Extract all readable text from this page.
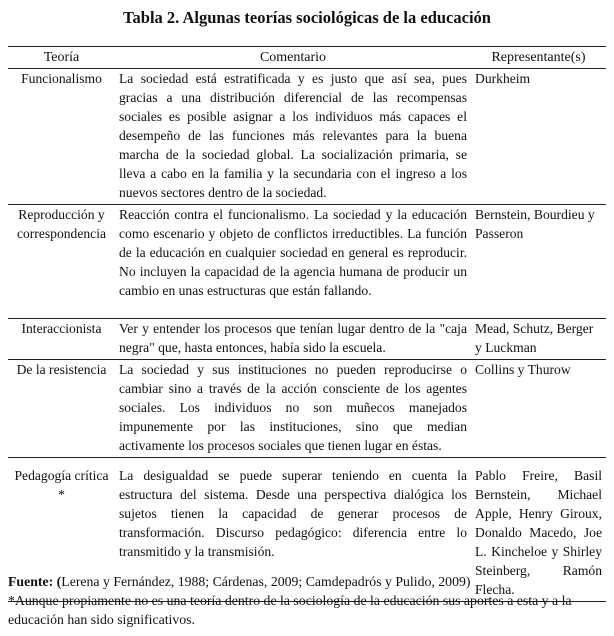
Tabla 2. Algunas teorías sociológicas de la educación
Teoría	Comentario	Representante(s)
Funcionalismo	La sociedad está estratificada y es justo que así sea, pues gracias a una distribución diferencial de las recompensas sociales es posible asignar a los individuos más capaces el desempeño de las funciones más relevantes para la buena marcha de la sociedad global. La socialización primaria, se lleva a cabo en la familia y la secundaria con el ingreso a los nuevos sectores dentro de la sociedad.	Durkheim
Reproducción y correspondencia	Reacción contra el funcionalismo. La sociedad y la educación como escenario y objeto de conflictos irreductibles. La función de la educación en cualquier sociedad en general es reproducir. No incluyen la capacidad de la agencia humana de producir un cambio en unas estructuras que están fallando.	Bernstein, Bourdieu y Passeron
Interaccionista	Ver y entender los procesos que tenían lugar dentro de la "caja negra" que, hasta entonces, había sido la escuela.	Mead, Schutz, Berger y Luckman
De la resistencia	La sociedad y sus instituciones no pueden reproducirse o cambiar sino a través de la acción consciente de los agentes sociales. Los individuos no son muñecos manejados impunemente por las instituciones, sino que median activamente los procesos sociales que tienen lugar en éstas.	Collins y Thurow
Pedagogía crítica *	La desigualdad se puede superar teniendo en cuenta la estructura del sistema. Desde una perspectiva dialógica los sujetos tienen la capacidad de generar procesos de transformación. Discurso pedagógico: diferencia entre lo transmitido y la transmisión.	Pablo Freire, Basil Bernstein, Michael Apple, Henry Giroux, Donaldo Macedo, Joe L. Kincheloe y Shirley Steinberg, Ramón Flecha.
Fuente: (Lerena y Fernández, 1988; Cárdenas, 2009; Camdepadrós y Pulido, 2009)
*Aunque propiamente no es una teoría dentro de la sociología de la educación sus aportes a esta y a la educación han sido significativos.
